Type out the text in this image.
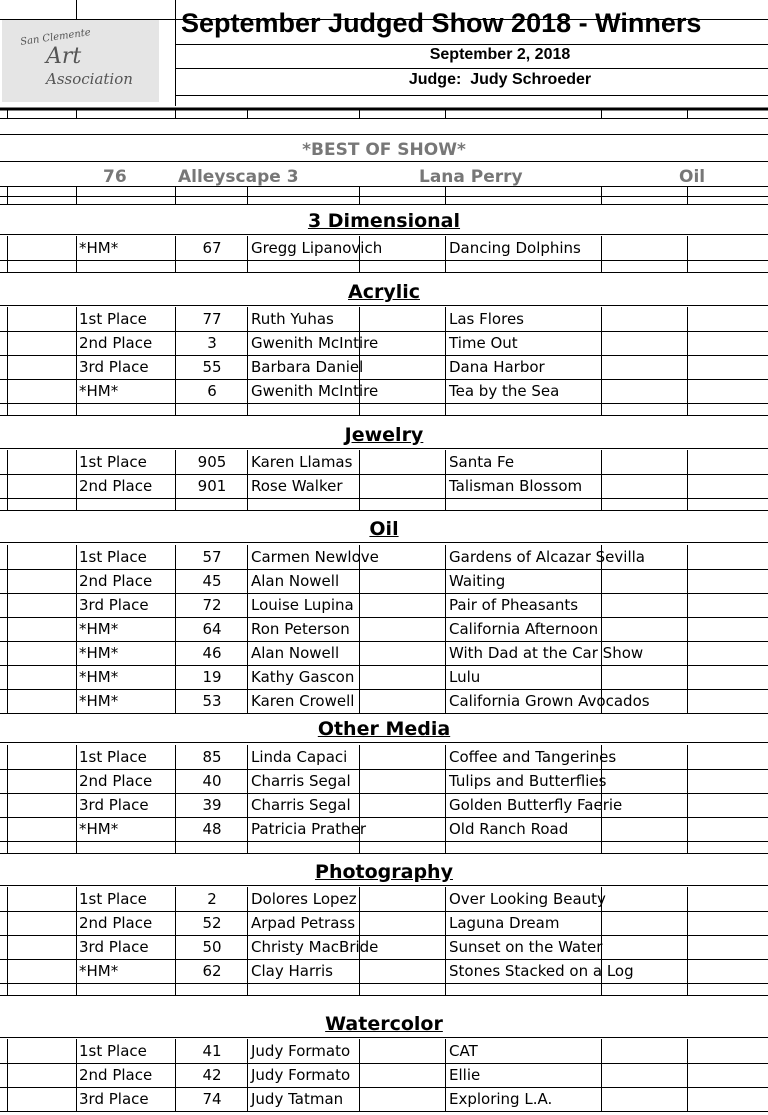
San Clemente
Art
Association
September Judged Show 2018 - Winners
September 2, 2018
Judge:  Judy Schroeder
*BEST OF SHOW*
76	Alleyscape 3	Lana Perry	Oil
3 Dimensional
*HM*	67	Gregg Lipanovich	Dancing Dolphins
Acrylic
1st Place	77	Ruth Yuhas	Las Flores
2nd Place	3	Gwenith McIntire	Time Out
3rd Place	55	Barbara Daniel	Dana Harbor
*HM*	6	Gwenith McIntire	Tea by the Sea
Jewelry
1st Place	905	Karen Llamas	Santa Fe
2nd Place	901	Rose Walker	Talisman Blossom
Oil
1st Place	57	Carmen Newlove	Gardens of Alcazar Sevilla
2nd Place	45	Alan Nowell	Waiting
3rd Place	72	Louise Lupina	Pair of Pheasants
*HM*	64	Ron Peterson	California Afternoon
*HM*	46	Alan Nowell	With Dad at the Car Show
*HM*	19	Kathy Gascon	Lulu
*HM*	53	Karen Crowell	California Grown Avocados
Other Media
1st Place	85	Linda Capaci	Coffee and Tangerines
2nd Place	40	Charris Segal	Tulips and Butterflies
3rd Place	39	Charris Segal	Golden Butterfly Faerie
*HM*	48	Patricia Prather	Old Ranch Road
Photography
1st Place	2	Dolores Lopez	Over Looking Beauty
2nd Place	52	Arpad Petrass	Laguna Dream
3rd Place	50	Christy MacBride	Sunset on the Water
*HM*	62	Clay Harris	Stones Stacked on a Log
Watercolor
1st Place	41	Judy Formato	CAT
2nd Place	42	Judy Formato	Ellie
3rd Place	74	Judy Tatman	Exploring L.A.
